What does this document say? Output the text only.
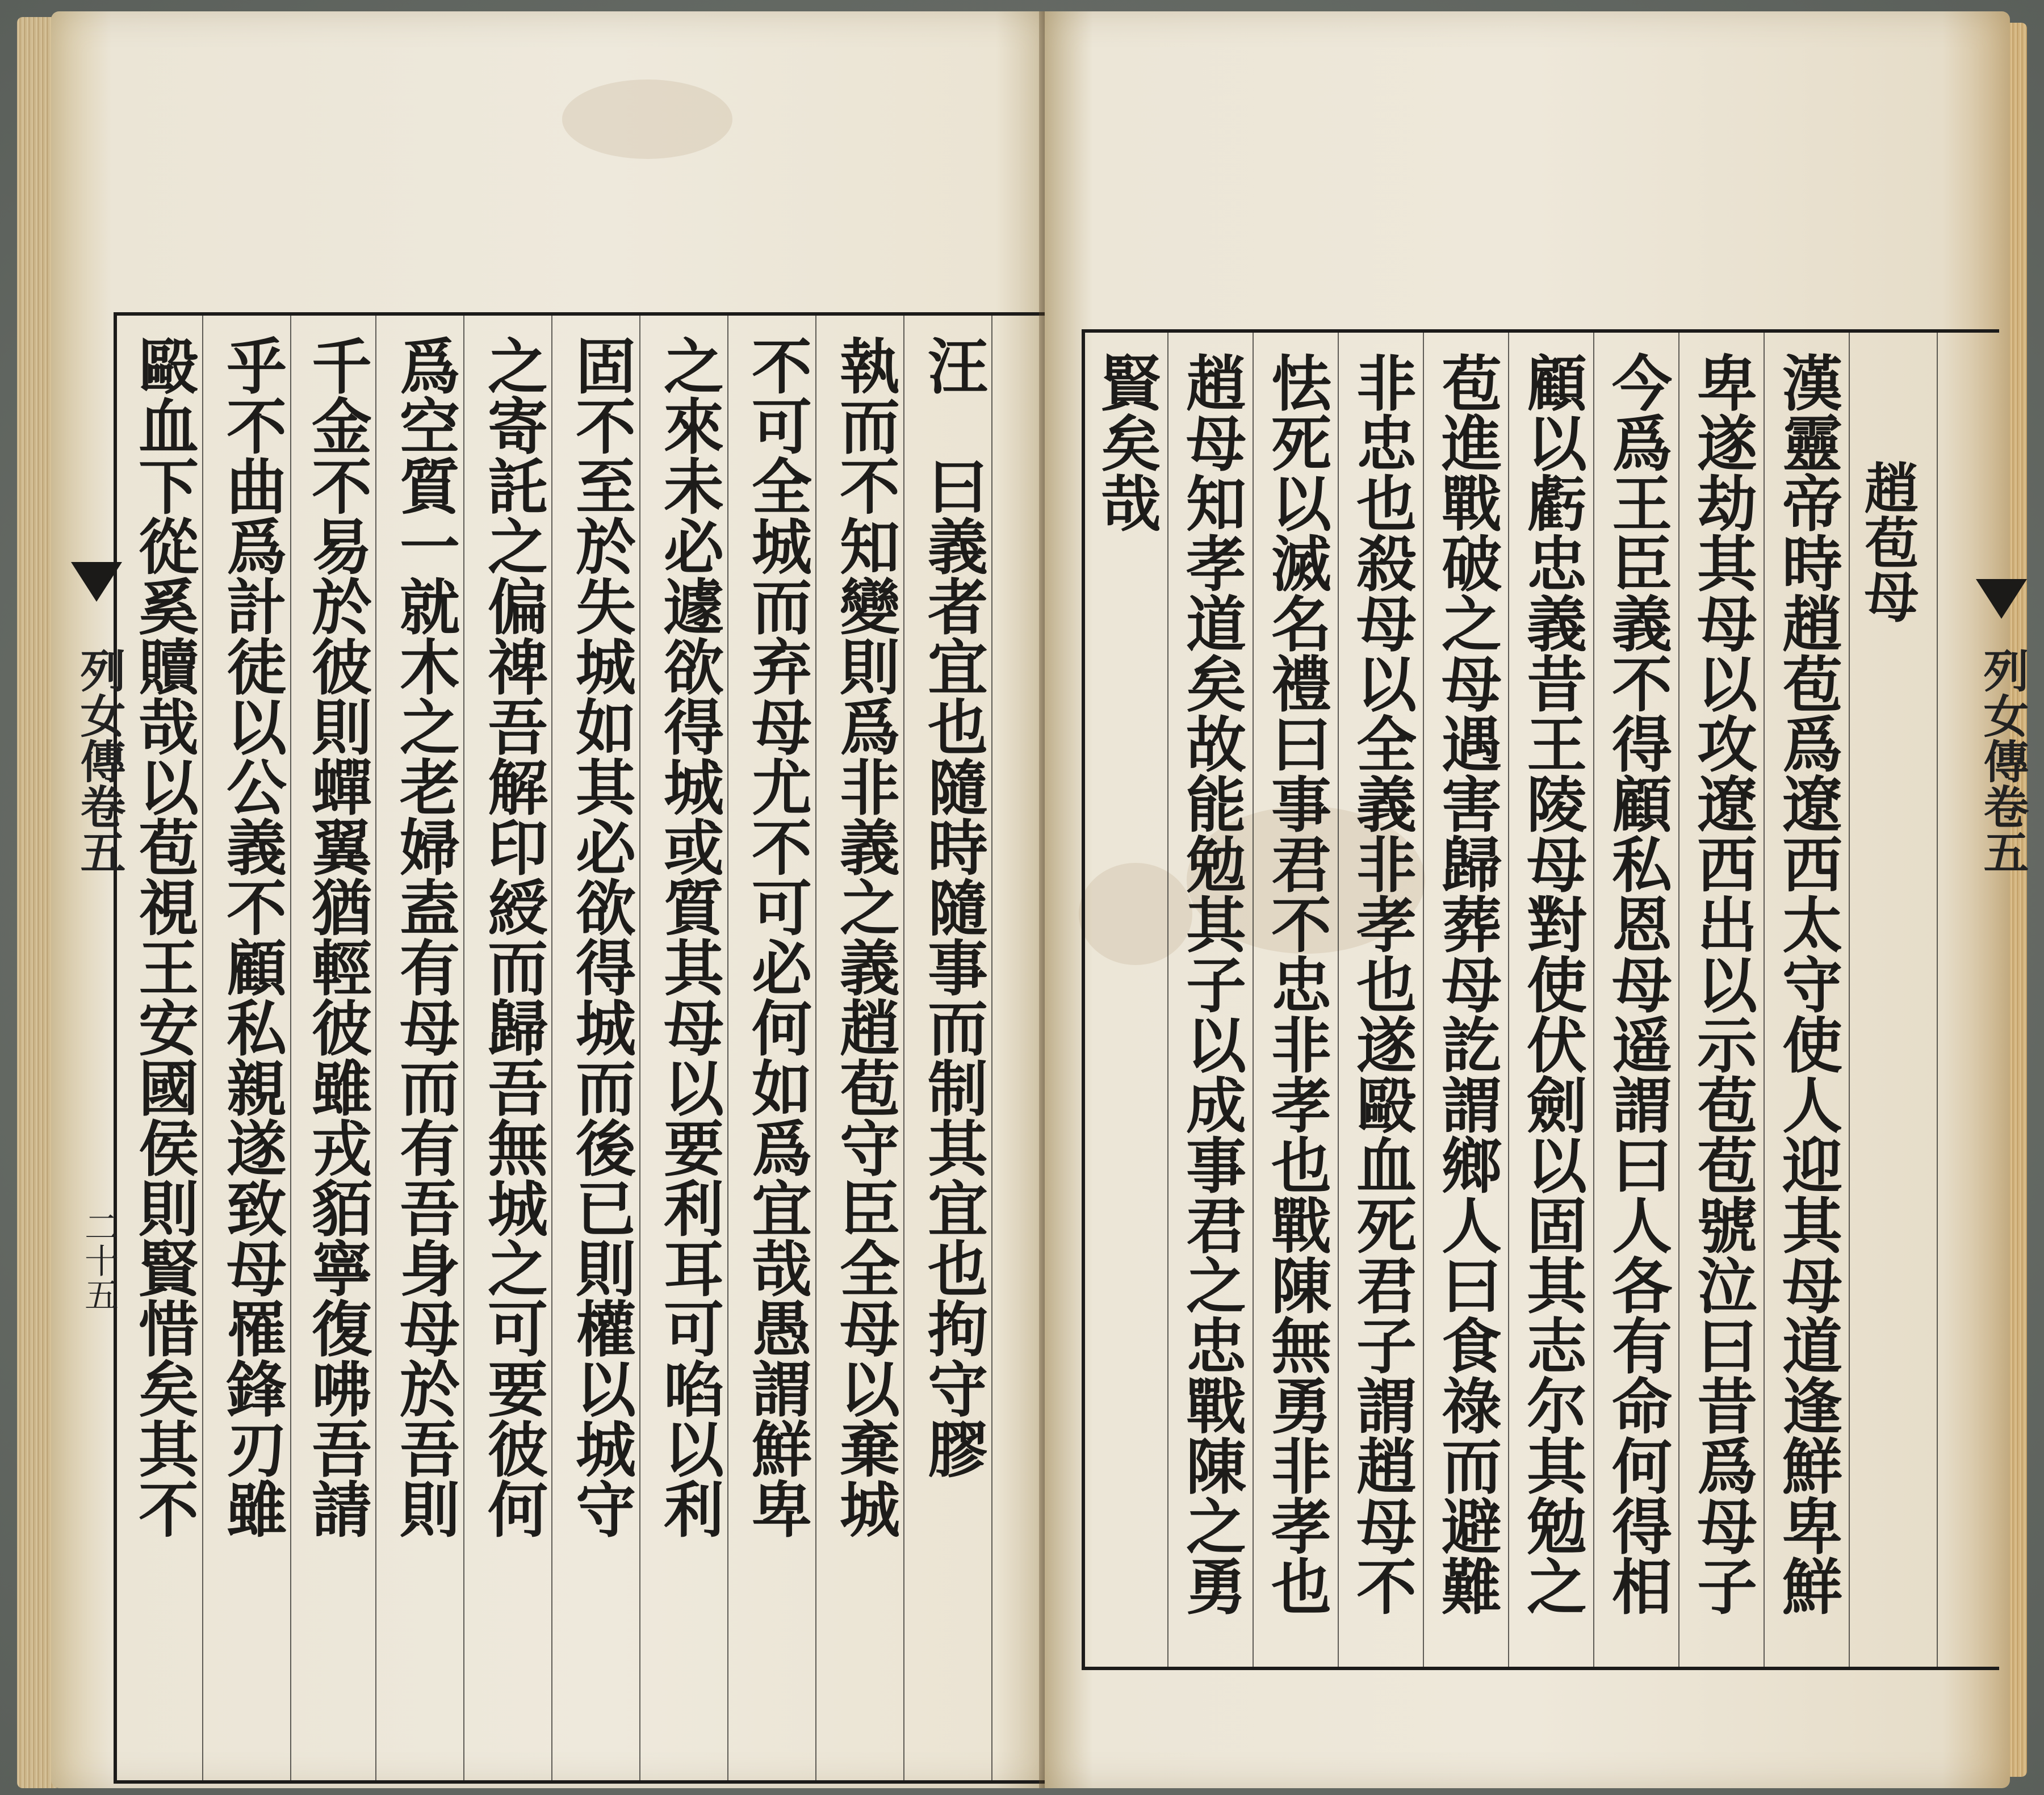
汪　曰義者宜也隨時隨事而制其宜也拘守膠
執而不知變則爲非義之義趙苞守臣全母以棄城
不可全城而弃母尤不可必何如爲宜哉愚謂鮮卑
之來未必遽欲得城或質其母以要利耳可啗以利
固不至於失城如其必欲得城而後已則權以城守
之寄託之偏禆吾解印綬而歸吾無城之可要彼何
爲空質一就木之老婦盍有母而有吾身母於吾則
千金不易於彼則蟬翼猶輕彼雖戎貊寧復咈吾請
乎不曲爲計徒以公義不顧私親遂致母罹鋒刃雖
毆血下從奚贖哉以苞視王安國侯則賢惜矣其不
列女傳卷五
二十五
趙苞母
漢靈帝時趙苞爲遼西太守使人迎其母道逢鮮卑鮮
卑遂劫其母以攻遼西出以示苞苞號泣曰昔爲母子
今爲王臣義不得顧私恩母遥謂曰人各有命何得相
顧以虧忠義昔王陵母對使伏劍以固其志尔其勉之
苞進戰破之母遇害歸葬母訖謂鄉人曰食祿而避難
非忠也殺母以全義非孝也遂毆血死君子謂趙母不
怯死以滅名禮曰事君不忠非孝也戰陳無勇非孝也
趙母知孝道矣故能勉其子以成事君之忠戰陳之勇
賢矣哉
列女傳卷五
